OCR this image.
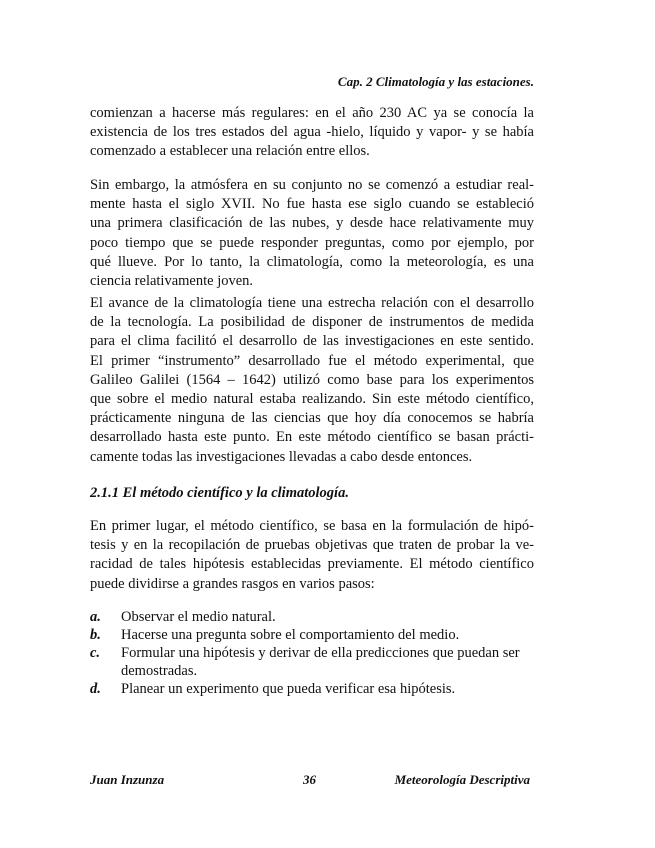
Cap. 2 Climatología y las estaciones.
comienzan a hacerse más regulares: en el año 230 AC ya se conocía la
existencia de los tres estados del agua -hielo, líquido y vapor- y se había
comenzado a establecer una relación entre ellos.
Sin embargo, la atmósfera en su conjunto no se comenzó a estudiar real-
mente hasta el siglo XVII. No fue hasta ese siglo cuando se estableció
una primera clasificación de las nubes, y desde hace relativamente muy
poco tiempo que se puede responder preguntas, como por ejemplo, por
qué llueve. Por lo tanto, la climatología, como la meteorología, es una
ciencia relativamente joven.
El avance de la climatología tiene una estrecha relación con el desarrollo
de la tecnología. La posibilidad de disponer de instrumentos de medida
para el clima facilitó el desarrollo de las investigaciones en este sentido.
El primer “instrumento” desarrollado fue el método experimental, que
Galileo Galilei (1564 – 1642) utilizó como base para los experimentos
que sobre el medio natural estaba realizando. Sin este método científico,
prácticamente ninguna de las ciencias que hoy día conocemos se habría
desarrollado hasta este punto. En este método científico se basan prácti-
camente todas las investigaciones llevadas a cabo desde entonces.
2.1.1 El método científico y la climatología.
En primer lugar, el método científico, se basa en la formulación de hipó-
tesis y en la recopilación de pruebas objetivas que traten de probar la ve-
racidad de tales hipótesis establecidas previamente. El método científico
puede dividirse a grandes rasgos en varios pasos:
a.	Observar el medio natural.
b.	Hacerse una pregunta sobre el comportamiento del medio.
c.	Formular una hipótesis y derivar de ella predicciones que puedan ser demostradas.
d.	Planear un experimento que pueda verificar esa hipótesis.
Juan Inzunza	36	Meteorología Descriptiva
